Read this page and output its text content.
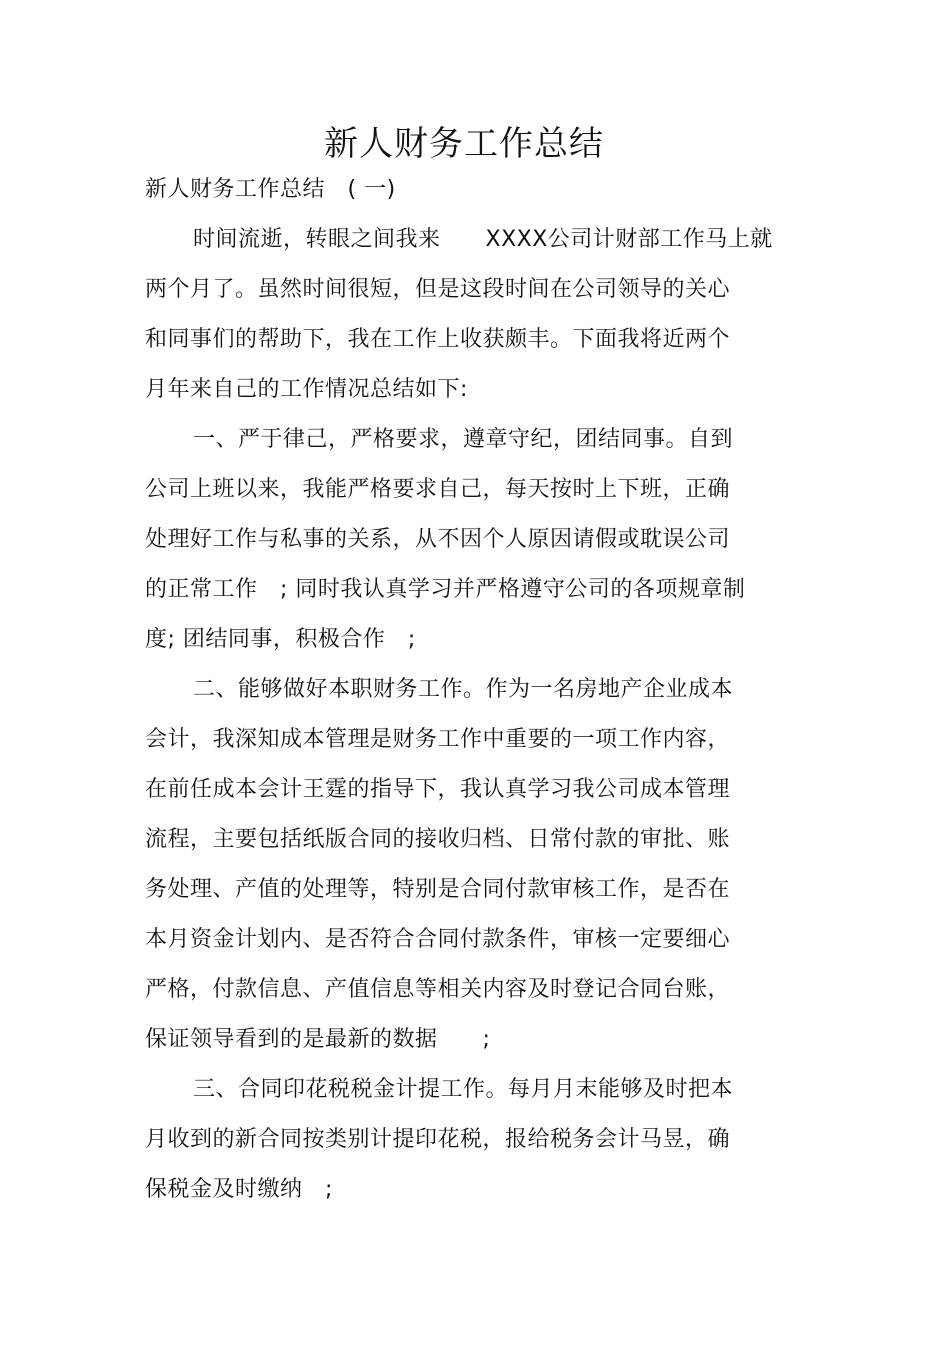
新人财务工作总结
新人财务工作总结　( 一)
时间流逝，转眼之间我来　　XXXX公司计财部工作马上就
两个月了。虽然时间很短，但是这段时间在公司领导的关心
和同事们的帮助下，我在工作上收获颇丰。下面我将近两个
月年来自己的工作情况总结如下:
一、严于律己，严格要求，遵章守纪，团结同事。自到
公司上班以来，我能严格要求自己，每天按时上下班，正确
处理好工作与私事的关系，从不因个人原因请假或耽误公司
的正常工作　; 同时我认真学习并严格遵守公司的各项规章制
度; 团结同事，积极合作　;
二、能够做好本职财务工作。作为一名房地产企业成本
会计，我深知成本管理是财务工作中重要的一项工作内容，
在前任成本会计王霆的指导下，我认真学习我公司成本管理
流程，主要包括纸版合同的接收归档、日常付款的审批、账
务处理、产值的处理等，特别是合同付款审核工作，是否在
本月资金计划内、是否符合合同付款条件，审核一定要细心
严格，付款信息、产值信息等相关内容及时登记合同台账，
保证领导看到的是最新的数据　　;
三、合同印花税税金计提工作。每月月末能够及时把本
月收到的新合同按类别计提印花税，报给税务会计马昱，确
保税金及时缴纳　;
